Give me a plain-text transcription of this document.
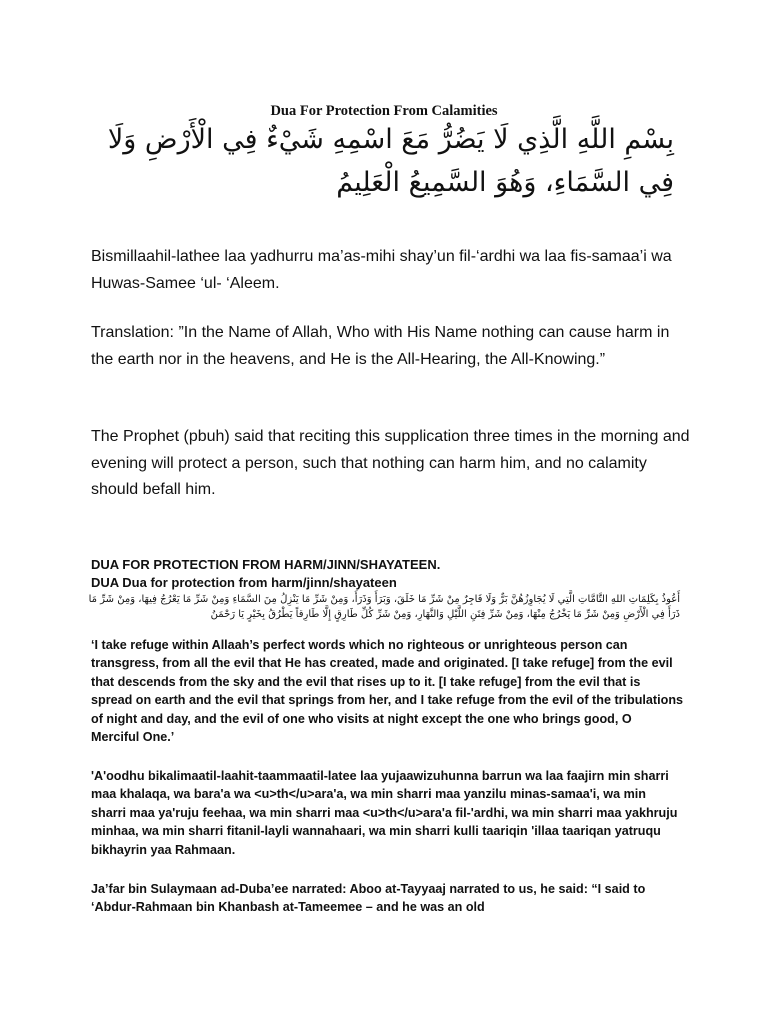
Dua For Protection From Calamities
بِسْمِ اللَّهِ الَّذِي لَا يَضُرُّ مَعَ اسْمِهِ شَيْءٌ فِي الْأَرْضِ وَلَا فِي السَّمَاءِ، وَهُوَ السَّمِيعُ الْعَلِيمُ
Bismillaahil-lathee laa yadhurru ma’as-mihi shay’un fil-‘ardhi wa laa fis-samaa’i wa Huwas-Samee ‘ul- ‘Aleem.
Translation: ”In the Name of Allah, Who with His Name nothing can cause harm in the earth nor in the heavens, and He is the All-Hearing, the All-Knowing.”
The Prophet (pbuh) said that reciting this supplication three times in the morning and evening will protect a person, such that nothing can harm him, and no calamity should befall him.
DUA FOR PROTECTION FROM HARM/JINN/SHAYATEEN.
DUA Dua for protection from harm/jinn/shayateen
أَعُوذُ بِكَلِمَاتِ اللهِ التَّامَّاتِ الَّتِي لَا يُجَاوِزُهُنَّ بَرٌّ وَلَا فَاجِرٌ مِنْ شَرِّ مَا خَلَقَ، وَبَرَأَ وَذَرَأَ، وَمِنْ شَرِّ مَا يَنْزِلُ مِنَ السَّمَاءِ وَمِنْ شَرِّ مَا يَعْرُجُ فِيهَا، وَمِنْ شَرِّ مَا ذَرَأَ فِي الْأَرْضِ وَمِنْ شَرِّ مَا يَخْرُجُ مِنْهَا، وَمِنْ شَرِّ فِتَنِ اللَّيْلِ وَالنَّهَارِ، وَمِنْ شَرِّ كُلِّ طَارِقٍ إِلَّا طَارِقاً يَطْرُقُ بِخَيْرٍ يَا رَحْمَنُ
‘I take refuge within Allaah’s perfect words which no righteous or unrighteous person can transgress, from all the evil that He has created, made and originated. [I take refuge] from the evil that descends from the sky and the evil that rises up to it. [I take refuge] from the evil that is spread on earth and the evil that springs from her, and I take refuge from the evil of the tribulations of night and day, and the evil of one who visits at night except the one who brings good, O Merciful One.’
'A'oodhu bikalimaatil-laahit-taammaatil-latee laa yujaawizuhunna barrun wa laa faajirn min sharri maa khalaqa, wa bara'a wa <u>th</u>ara'a, wa min sharri maa yanzilu minas-samaa'i, wa min sharri maa ya'ruju feehaa, wa min sharri maa <u>th</u>ara'a fil-'ardhi, wa min sharri maa yakhruju minhaa, wa min sharri fitanil-layli wannahaari, wa min sharri kulli taariqin 'illaa taariqan yatruqu bikhayrin yaa Rahmaan.
Ja’far bin Sulaymaan ad-Duba’ee narrated: Aboo at-Tayyaaj narrated to us, he said: “I said to ‘Abdur-Rahmaan bin Khanbash at-Tameemee – and he was an old
